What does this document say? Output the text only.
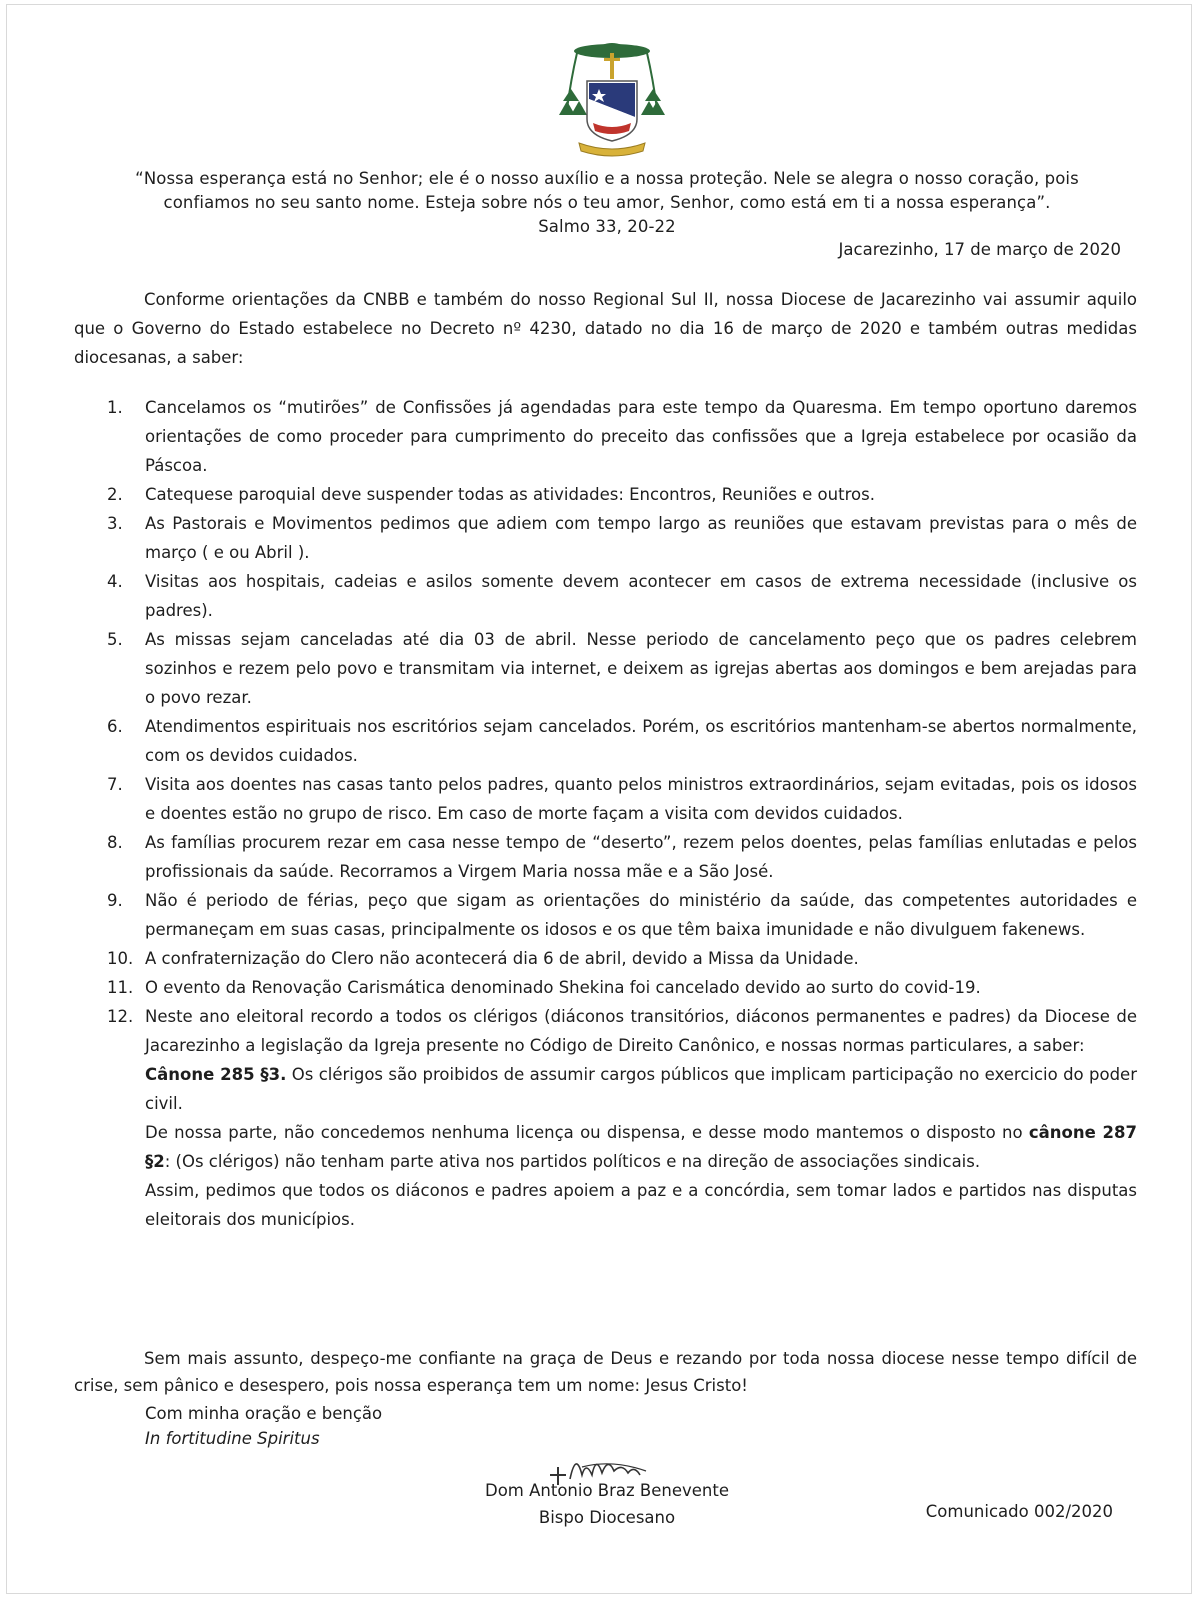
“Nossa esperança está no Senhor; ele é o nosso auxílio e a nossa proteção. Nele se alegra o nosso coração, pois confiamos no seu santo nome. Esteja sobre nós o teu amor, Senhor, como está em ti a nossa esperança”.
Salmo 33, 20-22
Jacarezinho, 17 de março de 2020
Conforme orientações da CNBB e também do nosso Regional Sul II, nossa Diocese de Jacarezinho vai assumir aquilo que o Governo do Estado estabelece no Decreto nº 4230, datado no dia 16 de março de 2020 e também outras medidas diocesanas, a saber:
1.	Cancelamos os “mutirões” de Confissões já agendadas para este tempo da Quaresma. Em tempo oportuno daremos orientações de como proceder para cumprimento do preceito das confissões que a Igreja estabelece por ocasião da Páscoa.
2.	Catequese paroquial deve suspender todas as atividades: Encontros, Reuniões e outros.
3.	As Pastorais e Movimentos pedimos que adiem com tempo largo as reuniões que estavam previstas para o mês de março ( e ou Abril ).
4.	Visitas aos hospitais, cadeias e asilos somente devem acontecer em casos de extrema necessidade (inclusive os padres).
5.	As missas sejam canceladas até dia 03 de abril. Nesse periodo de cancelamento peço que os padres celebrem sozinhos e rezem pelo povo e transmitam via internet, e deixem as igrejas abertas aos domingos e bem arejadas para o povo rezar.
6.	Atendimentos espirituais nos escritórios sejam cancelados. Porém, os escritórios mantenham-se abertos normalmente, com os devidos cuidados.
7.	Visita aos doentes nas casas tanto pelos padres, quanto pelos ministros extraordinários, sejam evitadas, pois os idosos e doentes estão no grupo de risco. Em caso de morte façam a visita com devidos cuidados.
8.	As famílias procurem rezar em casa nesse tempo de “deserto”, rezem pelos doentes, pelas famílias enlutadas e pelos profissionais da saúde. Recorramos a Virgem Maria nossa mãe e a São José.
9.	Não é periodo de férias, peço que sigam as orientações do ministério da saúde, das competentes autoridades e permaneçam em suas casas, principalmente os idosos e os que têm baixa imunidade e não divulguem fakenews.
10. A confraternização do Clero não acontecerá dia 6 de abril, devido a Missa da Unidade.
11. O evento da Renovação Carismática denominado Shekina foi cancelado devido ao surto do covid-19.
12. Neste ano eleitoral recordo a todos os clérigos (diáconos transitórios, diáconos permanentes e padres) da Diocese de Jacarezinho a legislação da Igreja presente no Código de Direito Canônico, e nossas normas particulares, a saber:
Cânone 285 §3. Os clérigos são proibidos de assumir cargos públicos que implicam participação no exercicio do poder civil.
De nossa parte, não concedemos nenhuma licença ou dispensa, e desse modo mantemos o disposto no cânone 287 §2: (Os clérigos) não tenham parte ativa nos partidos políticos e na direção de associações sindicais.
Assim, pedimos que todos os diáconos e padres apoiem a paz e a concórdia, sem tomar lados e partidos nas disputas eleitorais dos municípios.
Sem mais assunto, despeço-me confiante na graça de Deus e rezando por toda nossa diocese nesse tempo difícil de crise, sem pânico e desespero, pois nossa esperança tem um nome: Jesus Cristo!
Com minha oração e benção
In fortitudine Spiritus
Dom Antonio Braz Benevente
Bispo Diocesano	Comunicado 002/2020
